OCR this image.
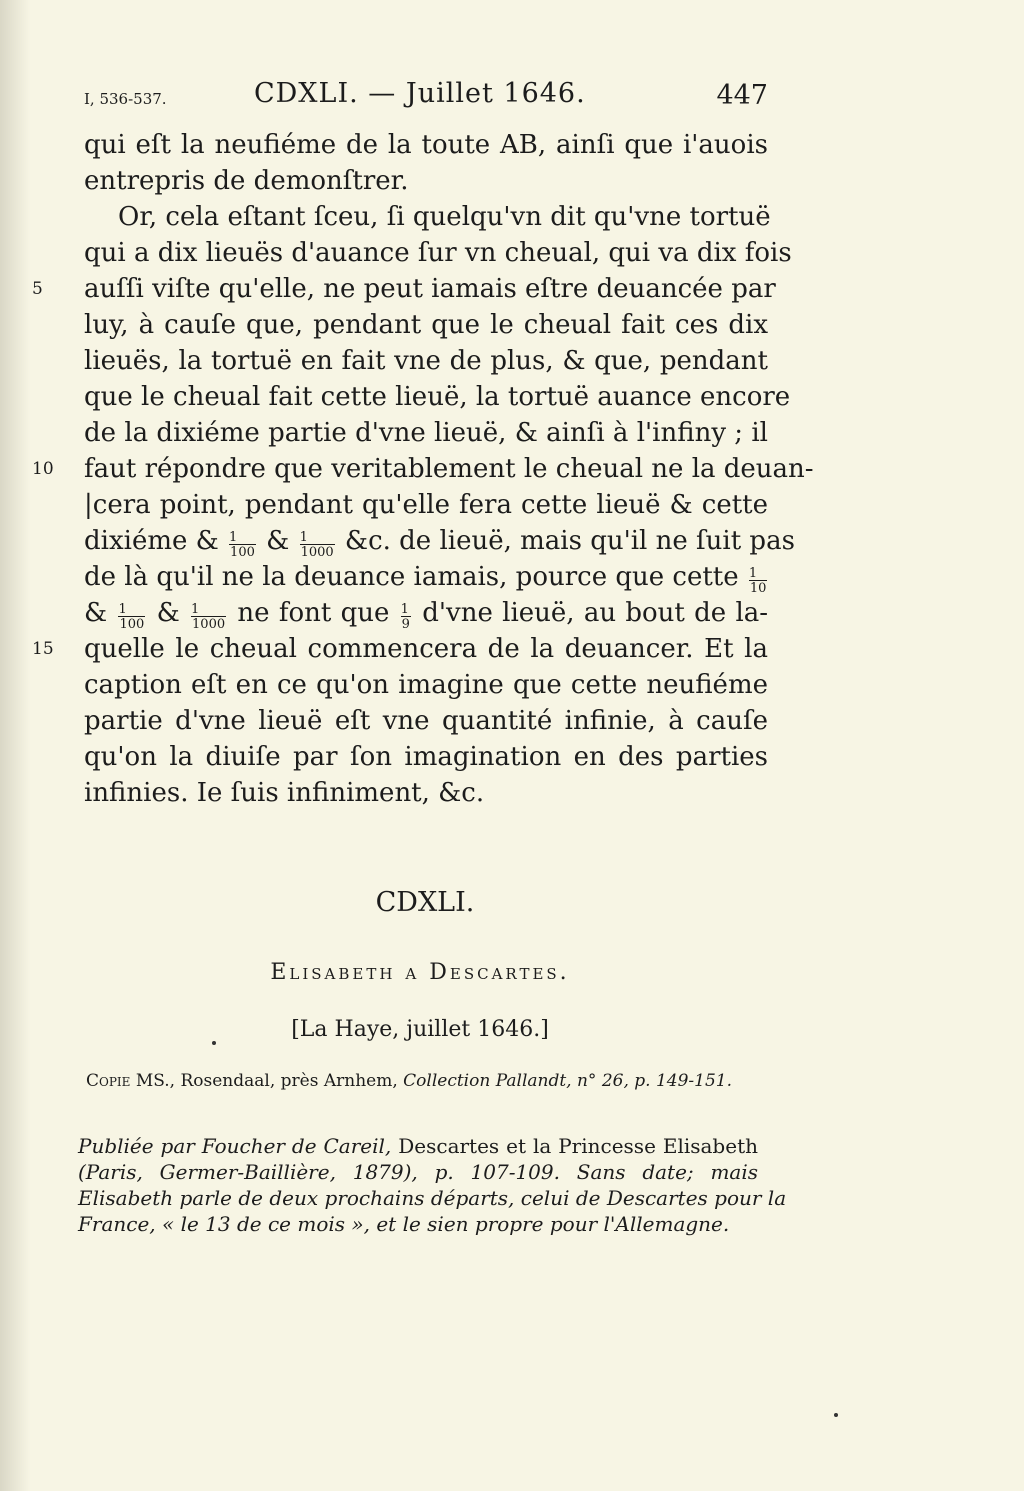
I, 536-537.	CDXLI. — Juillet 1646.	447
qui eſt la neufiéme de la toute AB, ainſi que i'auois
entrepris de demonſtrer.
Or, cela eſtant ſceu, ſi quelqu'vn dit qu'vne tortuë
qui a dix lieuës d'auance ſur vn cheual, qui va dix fois
5	auſſi viſte qu'elle, ne peut iamais eſtre deuancée par
luy, à cauſe que, pendant que le cheual fait ces dix
lieuës, la tortuë en fait vne de plus, & que, pendant
que le cheual fait cette lieuë, la tortuë auance encore
de la dixiéme partie d'vne lieuë, & ainſi à l'infiny ; il
10 faut répondre que veritablement le cheual ne la deuan-
|cera point, pendant qu'elle fera cette lieuë & cette
dixiéme & $\frac{1}{100}$ & $\frac{1}{1000}$ &c. de lieuë, mais qu'il ne ſuit pas
de là qu'il ne la deuance iamais, pource que cette $\frac{1}{10}$
& $\frac{1}{100}$ & $\frac{1}{1000}$ ne font que $\frac{1}{9} d'vne$ lieuë, au bout de la-
15 quelle le cheual commencera de la deuancer. Et la
caption eſt en ce qu'on imagine que cette neufiéme
partie d'vne lieuë eſt vne quantité infinie, à cauſe
qu'on la diuiſe par ſon imagination en des parties
infinies. Ie ſuis infiniment, &c.
CDXLI.
Elisabeth a Descartes.
[La Haye, juillet 1646.]
Copie MS., Rosendaal, près Arnhem, Collection Pallandt, n° 26, p. 149-151.
Publiée par Foucher de Careil, Descartes et la Princesse Elisabeth
(Paris, Germer-Baillière, 1879), p. 107-109. Sans date; mais
Elisabeth parle de deux prochains départs, celui de Descartes pour la
France, « le 13 de ce mois », et le sien propre pour l'Allemagne.
